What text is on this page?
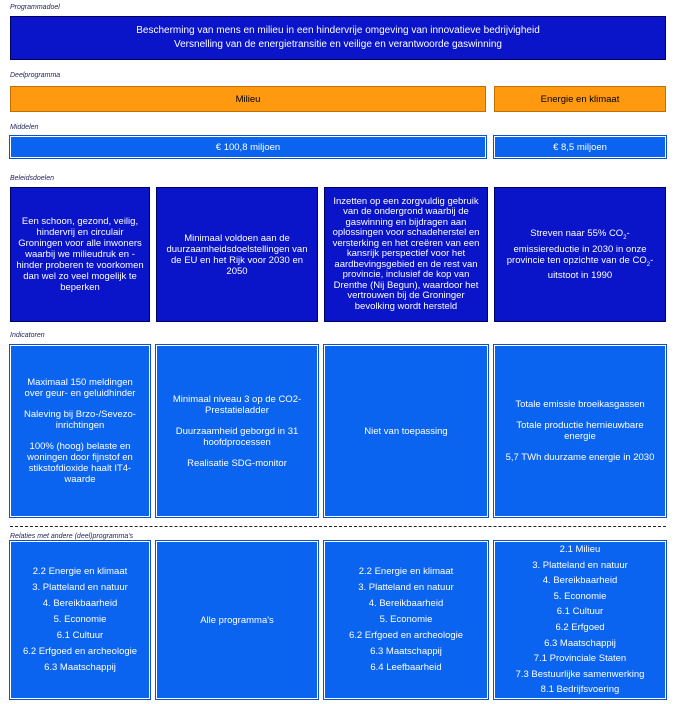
Programmadoel
Bescherming van mens en milieu in een hindervrije omgeving van innovatieve bedrijvigheid
Versnelling van de energietransitie en veilige en verantwoorde gaswinning
Deelprogramma
Milieu	Energie en klimaat
Middelen
€ 100,8 miljoen	€ 8,5 miljoen
Beleidsdoelen
Een schoon, gezond, veilig, hindervrij en circulair Groningen voor alle inwoners waarbij we milieudruk en -hinder proberen te voorkomen dan wel zo veel mogelijk te beperken
Minimaal voldoen aan de duurzaamheidsdoelstellingen van de EU en het Rijk voor 2030 en 2050
Inzetten op een zorgvuldig gebruik van de ondergrond waarbij de gaswinning en bijdragen aan oplossingen voor schadeherstel en versterking en het creëren van een kansrijk perspectief voor het aardbevingsgebied en de rest van provincie, inclusief de kop van Drenthe (Nij Begun), waardoor het vertrouwen bij de Groninger bevolking wordt hersteld
Streven naar 55% $CO_2$-emissiereductie in 2030 in onze provincie ten opzichte van de $CO_2$-uitstoot in 1990
Indicatoren
Maximaal 150 meldingen over geur- en geluidhinder
Naleving bij Brzo-/Sevezo-inrichtingen
100% (hoog) belaste en woningen door fijnstof en stikstofdioxide haalt IT4-waarde
Minimaal niveau 3 op de CO2-Prestatieladder
Duurzaamheid geborgd in 31 hoofdprocessen
Realisatie SDG-monitor
Niet van toepassing
Totale emissie broeikasgassen
Totale productie hernieuwbare energie
5,7 TWh duurzame energie in 2030
Relaties met andere (deel)programma's
2.2 Energie en klimaat
3. Platteland en natuur
4. Bereikbaarheid
5. Economie
6.1 Cultuur
6.2 Erfgoed en archeologie
6.3 Maatschappij
Alle programma's
2.2 Energie en klimaat
3. Platteland en natuur
4. Bereikbaarheid
5. Economie
6.2 Erfgoed en archeologie
6.3 Maatschappij
6.4 Leefbaarheid
2.1 Milieu
3. Platteland en natuur
4. Bereikbaarheid
5. Economie
6.1 Cultuur
6.2 Erfgoed
6.3 Maatschappij
7.1 Provinciale Staten
7.3 Bestuurlijke samenwerking
8.1 Bedrijfsvoering
